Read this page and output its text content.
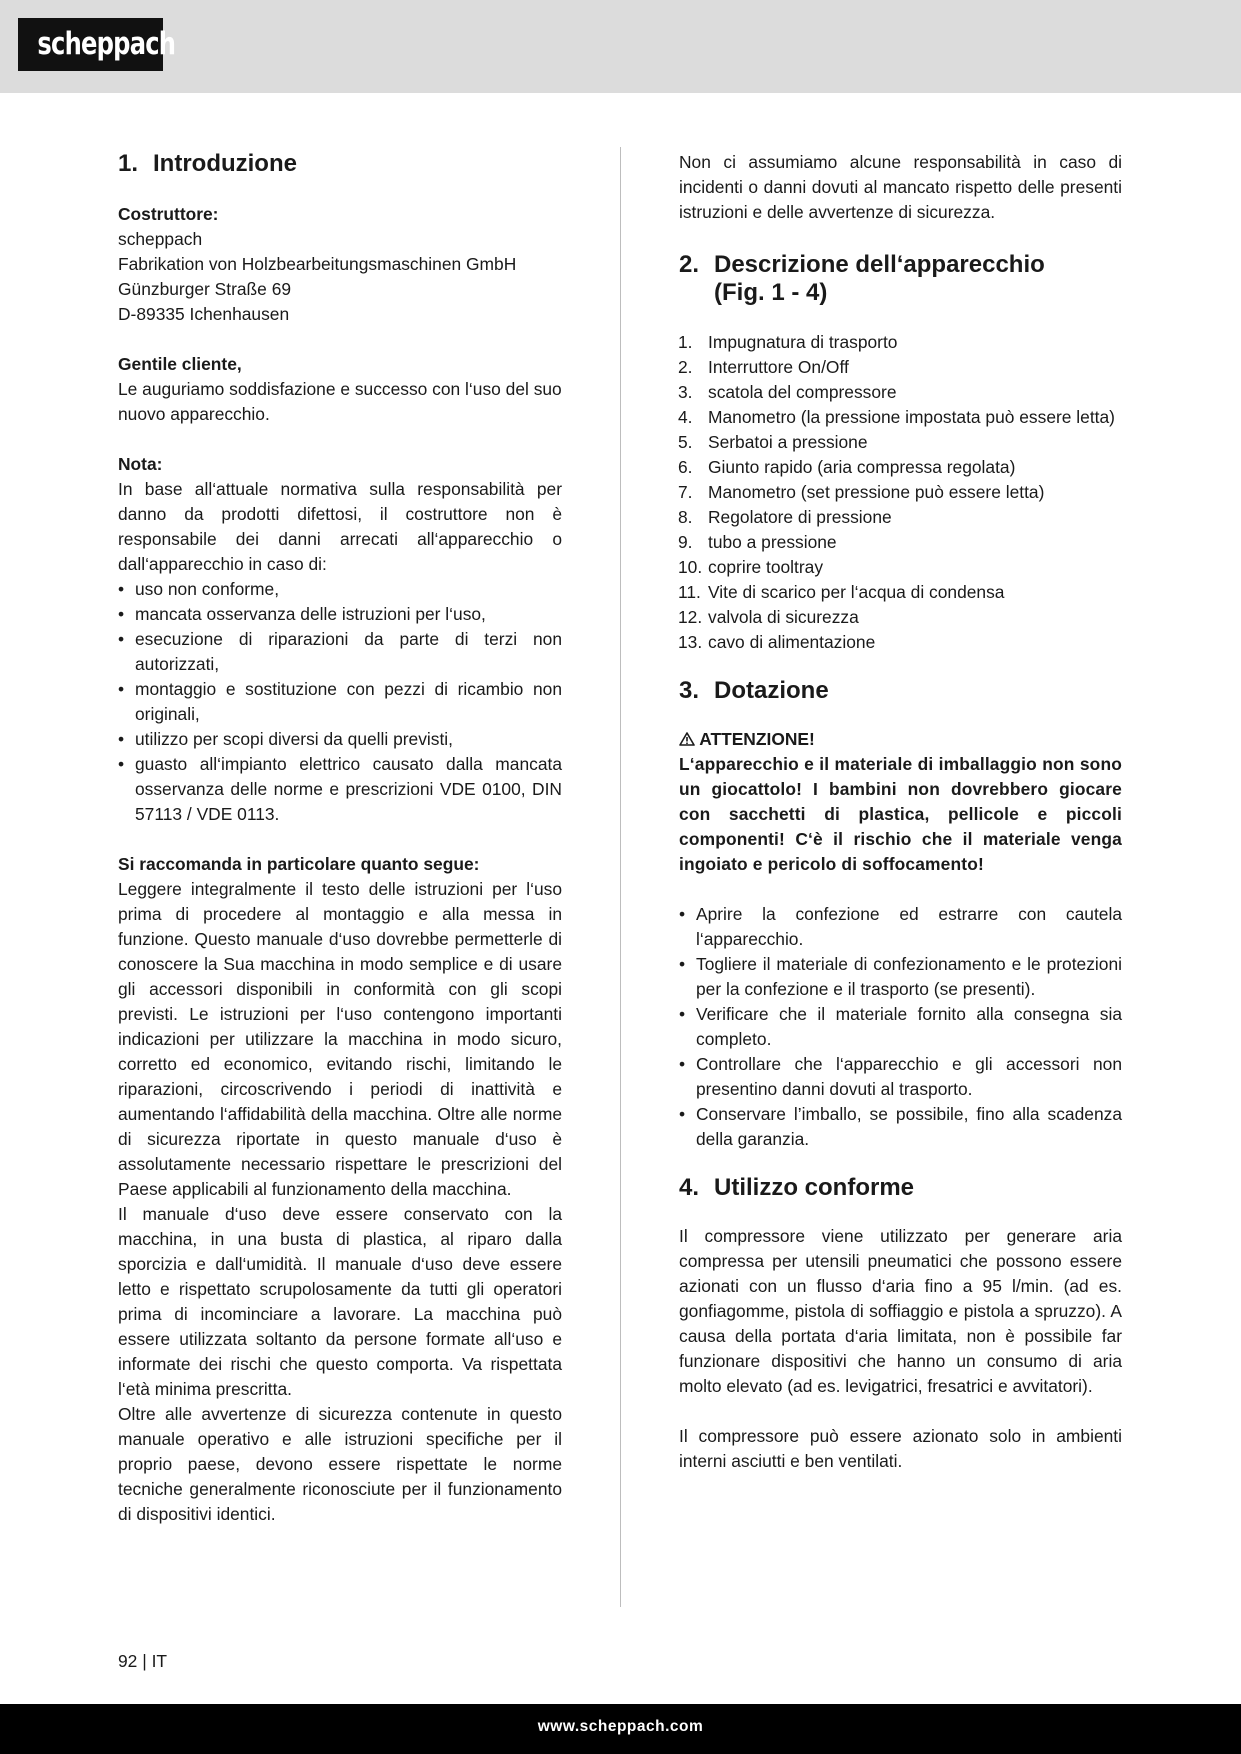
scheppach
1. Introduzione

Costruttore:

scheppach

Fabrikation von Holzbearbeitungsmaschinen GmbH

Günzburger Straße 69

D-89335 Ichenhausen

Gentile cliente,

Le auguriamo soddisfazione e successo con l‘uso del suo nuovo apparecchio.

Nota:

In base all‘attuale normativa sulla responsabilità per danno da prodotti difettosi, il costruttore non è responsabile dei danni arrecati all‘apparecchio o dall‘apparecchio in caso di:

• uso non conforme,
• mancata osservanza delle istruzioni per l‘uso,
• esecuzione di riparazioni da parte di terzi non autorizzati,
• montaggio e sostituzione con pezzi di ricambio non originali,
• utilizzo per scopi diversi da quelli previsti,
• guasto all‘impianto elettrico causato dalla mancata osservanza delle norme e prescrizioni VDE 0100, DIN 57113 / VDE 0113.

Si raccomanda in particolare quanto segue:

Leggere integralmente il testo delle istruzioni per l‘uso prima di procedere al montaggio e alla messa in funzione. Questo manuale d‘uso dovrebbe permetterle di conoscere la Sua macchina in modo semplice e di usare gli accessori disponibili in conformità con gli scopi previsti. Le istruzioni per l‘uso contengono importanti indicazioni per utilizzare la macchina in modo sicuro, corretto ed economico, evitando rischi, limitando le riparazioni, circoscrivendo i periodi di inattività e aumentando l‘affidabilità della macchina. Oltre alle norme di sicurezza riportate in questo manuale d‘uso è assolutamente necessario rispettare le prescrizioni del Paese applicabili al funzionamento della macchina.

Il manuale d‘uso deve essere conservato con la macchina, in una busta di plastica, al riparo dalla sporcizia e dall‘umidità. Il manuale d‘uso deve essere letto e rispettato scrupolosamente da tutti gli operatori prima di incominciare a lavorare. La macchina può essere utilizzata soltanto da persone formate all‘uso e informate dei rischi che questo comporta. Va rispettata l‘età minima prescritta.

Oltre alle avvertenze di sicurezza contenute in questo manuale operativo e alle istruzioni specifiche per il proprio paese, devono essere rispettate le norme tecniche generalmente riconosciute per il funzionamento di dispositivi identici.

Non ci assumiamo alcune responsabilità in caso di incidenti o danni dovuti al mancato rispetto delle presenti istruzioni e delle avvertenze di sicurezza.

2. Descrizione dell‘apparecchio
(Fig. 1 - 4)
1. Impugnatura di trasporto
2. Interruttore On/Off
3. scatola del compressore
4. Manometro (la pressione impostata può essere letta)
5. Serbatoi a pressione
6. Giunto rapido (aria compressa regolata)
7. Manometro (set pressione può essere letta)
8. Regolatore di pressione
9. tubo a pressione
10. coprire tooltray
11. Vite di scarico per l‘acqua di condensa
12. valvola di sicurezza
13. cavo di alimentazione
3. Dotazione

ATTENZIONE!

L‘apparecchio e il materiale di imballaggio non sono un giocattolo! I bambini non dovrebbero giocare con sacchetti di plastica, pellicole e piccoli componenti! C‘è il rischio che il materiale venga ingoiato e pericolo di soffocamento!

• Aprire la confezione ed estrarre con cautela l‘apparecchio.
• Togliere il materiale di confezionamento e le protezioni per la confezione e il trasporto (se presenti).
• Verificare che il materiale fornito alla consegna sia completo.
• Controllare che l‘apparecchio e gli accessori non presentino danni dovuti al trasporto.
• Conservare l’imballo, se possibile, fino alla scadenza della garanzia.
4. Utilizzo conforme

Il compressore viene utilizzato per generare aria compressa per utensili pneumatici che possono essere azionati con un flusso d‘aria fino a 95 l/min. (ad es. gonfiagomme, pistola di soffiaggio e pistola a spruzzo). A causa della portata d‘aria limitata, non è possibile far funzionare dispositivi che hanno un consumo di aria molto elevato (ad es. levigatrici, fresatrici e avvitatori).

Il compressore può essere azionato solo in ambienti interni asciutti e ben ventilati.

92 | IT
www.scheppach.com
